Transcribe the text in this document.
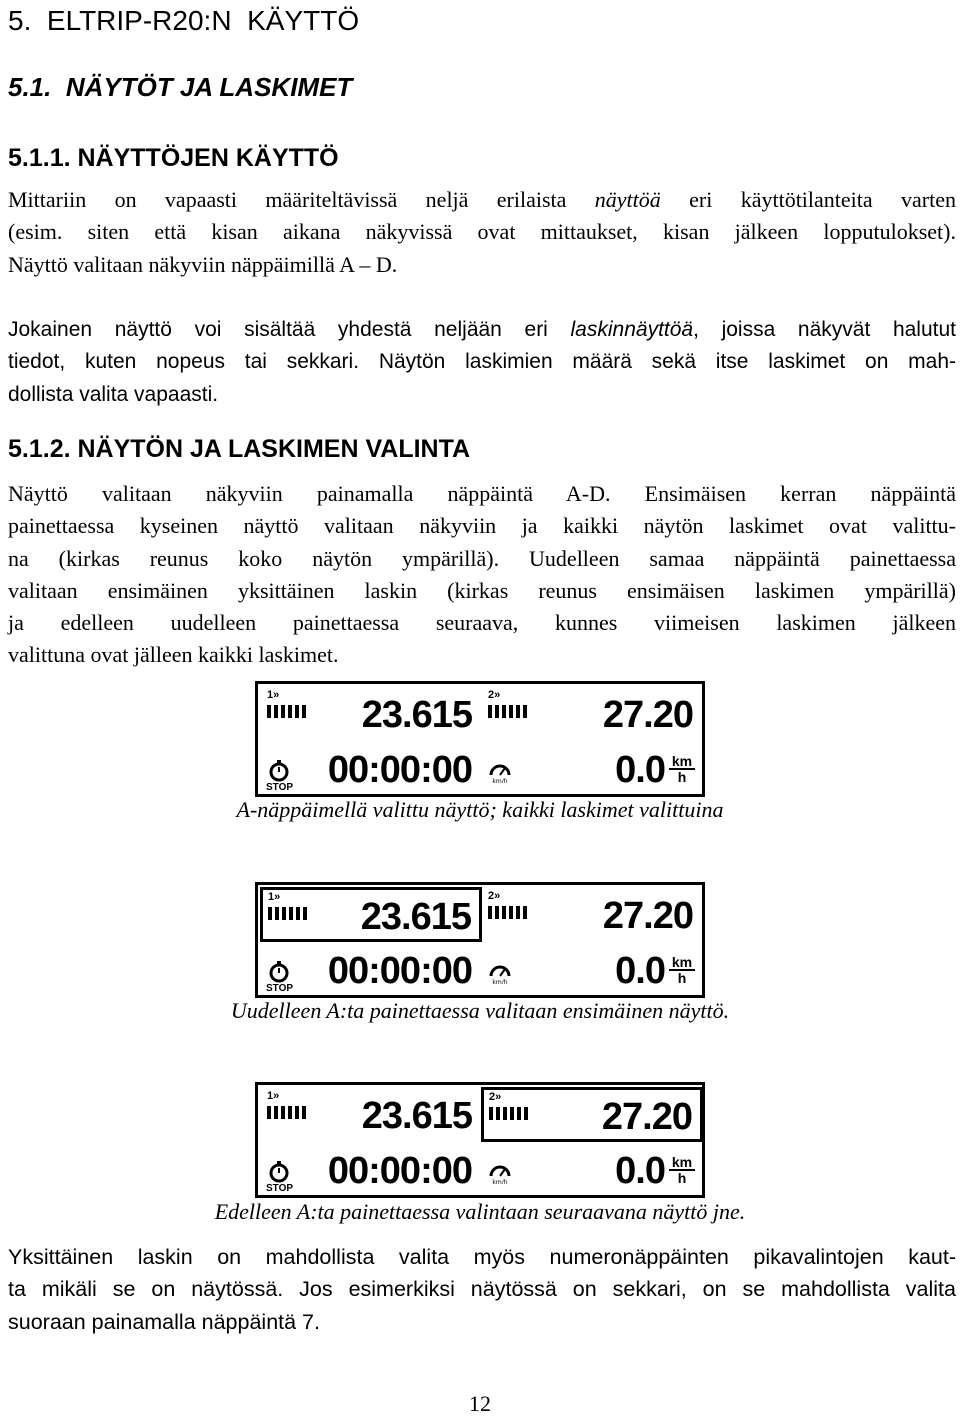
5.  ELTRIP-R20:N  KÄYTTÖ
5.1.  NÄYTÖT JA LASKIMET
5.1.1. NÄYTTÖJEN KÄYTTÖ
Mittariin on vapaasti määriteltävissä neljä erilaista näyttöä eri käyttötilanteita varten
(esim. siten että kisan aikana näkyvissä ovat mittaukset, kisan jälkeen lopputulokset).
Näyttö valitaan näkyviin näppäimillä A – D.
Jokainen näyttö voi sisältää yhdestä neljään eri laskinnäyttöä, joissa näkyvät halutut
tiedot, kuten nopeus tai sekkari. Näytön laskimien määrä sekä itse laskimet on mah-
dollista valita vapaasti.
5.1.2. NÄYTÖN JA LASKIMEN VALINTA
Näyttö valitaan näkyviin painamalla näppäintä A-D. Ensimäisen kerran näppäintä
painettaessa kyseinen näyttö valitaan näkyviin ja kaikki näytön laskimet ovat valittu-
na (kirkas reunus koko näytön ympärillä). Uudelleen samaa näppäintä painettaessa
valitaan ensimäinen yksittäinen laskin (kirkas reunus ensimäisen laskimen ympärillä)
ja edelleen uudelleen painettaessa seuraava, kunnes viimeisen laskimen jälkeen
valittuna ovat jälleen kaikki laskimet.
1» 23.615 2»	27.20
STOP 00:00:00	km/h	0.0 km
h
1» 23.615 2»	27.20
STOP 00:00:00	km/h	0.0 km
h
1» 23.615 2»	27.20
STOP 00:00:00	km/h	0.0 km
h

A-näppäimellä valittu näyttö; kaikki laskimet valittuina

Uudelleen A:ta painettaessa valitaan ensimäinen näyttö.

Edelleen A:ta painettaessa valintaan seuraavana näyttö jne.

Yksittäinen laskin on mahdollista valita myös numeronäppäinten pikavalintojen kaut-
ta mikäli se on näytössä. Jos esimerkiksi näytössä on sekkari, on se mahdollista valita
suoraan painamalla näppäintä 7.

12
